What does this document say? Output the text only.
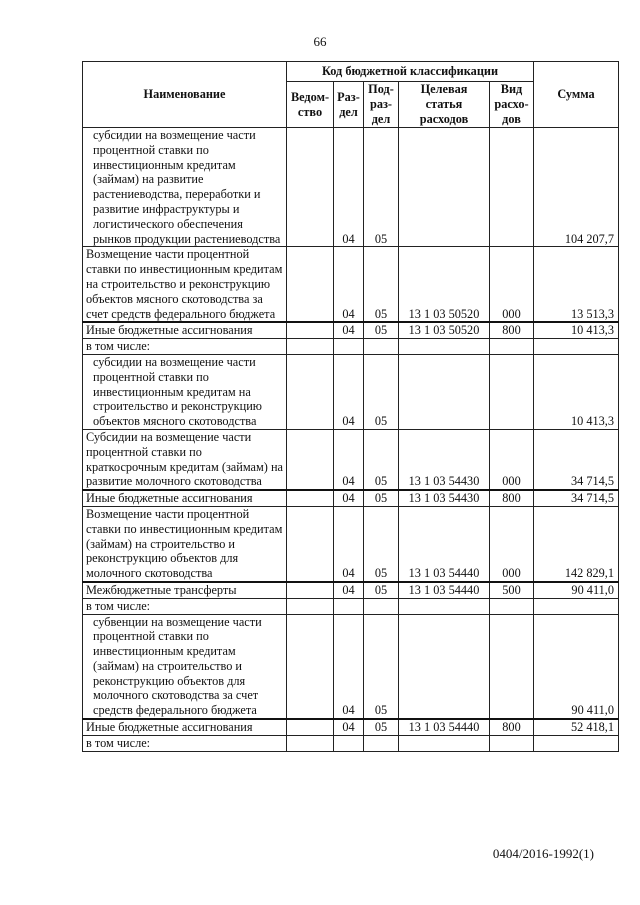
66
Наименование	Код бюджетной классификации					Сумма
	Ведом-ство	Раз-дел	Под-раз-дел	Целевая статья расходов	Вид расхо-дов	
субсидии на возмещение части процентной ставки по инвестиционным кредитам (займам) на развитие растениеводства, переработки и развитие инфраструктуры и логистического обеспечения рынков продукции растениеводства		04	05			104 207,7
Возмещение части процентной ставки по инвестиционным кредитам на строительство и реконструкцию объектов мясного скотоводства за счет средств федерального бюджета		04	05	13 1 03 50520	000	13 513,3
Иные бюджетные ассигнования		04	05	13 1 03 50520	800	10 413,3
в том числе:						
субсидии на возмещение части процентной ставки по инвестиционным кредитам на строительство и реконструкцию объектов мясного скотоводства		04	05			10 413,3
Субсидии на возмещение части процентной ставки по краткосрочным кредитам (займам) на развитие молочного скотоводства		04	05	13 1 03 54430	000	34 714,5
Иные бюджетные ассигнования		04	05	13 1 03 54430	800	34 714,5
Возмещение части процентной ставки по инвестиционным кредитам (займам) на строительство и реконструкцию объектов для молочного скотоводства		04	05	13 1 03 54440	000	142 829,1
Межбюджетные трансферты		04	05	13 1 03 54440	500	90 411,0
в том числе:						
субвенции на возмещение части процентной ставки по инвестиционным кредитам (займам) на строительство и реконструкцию объектов для молочного скотоводства за счет средств федерального бюджета		04	05			90 411,0
Иные бюджетные ассигнования		04	05	13 1 03 54440	800	52 418,1
в том числе:						
0404/2016-1992(1)
